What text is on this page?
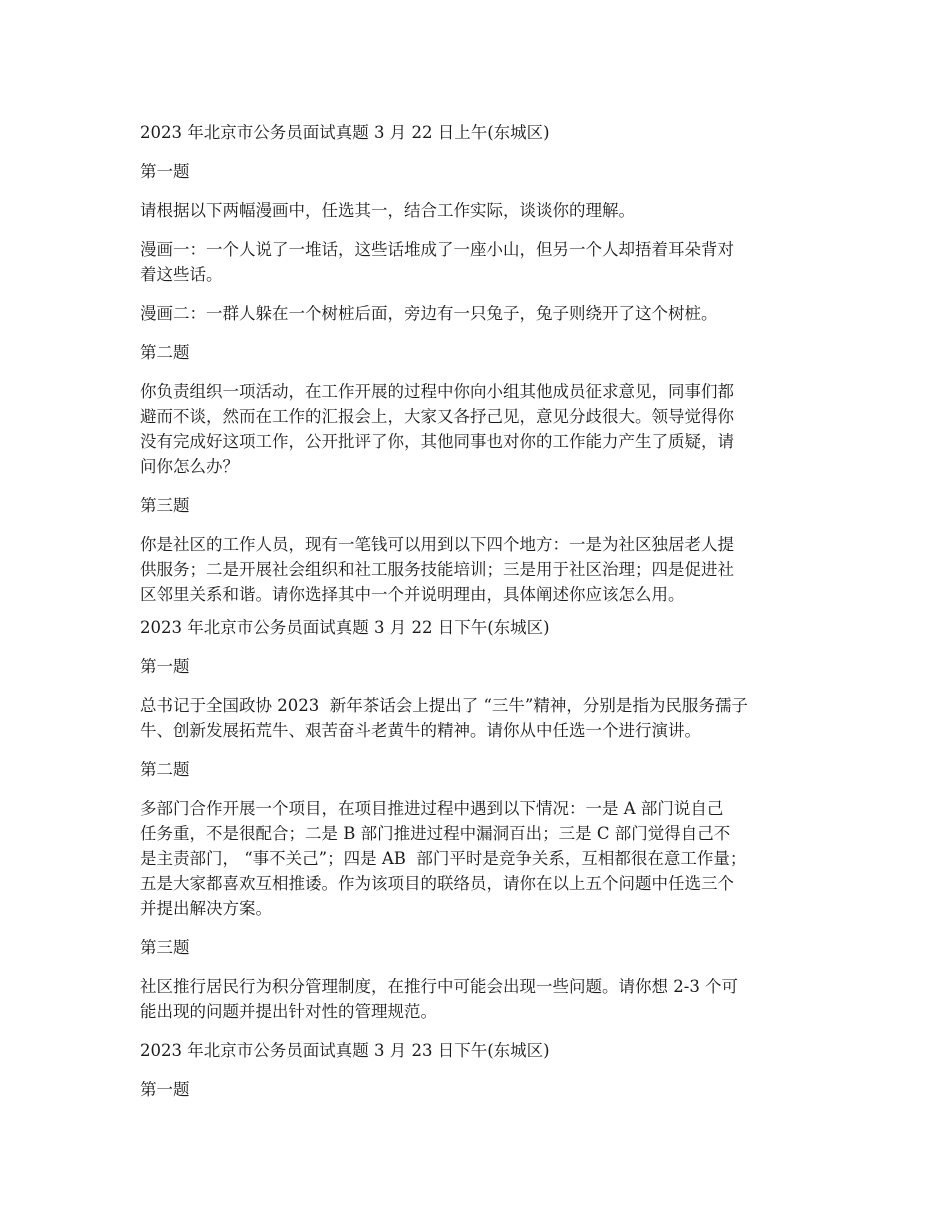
2023 年北京市公务员面试真题 3 月 22 日上午(东城区)

第一题

请根据以下两幅漫画中，任选其一，结合工作实际，谈谈你的理解。

漫画一：一个人说了一堆话，这些话堆成了一座小山，但另一个人却捂着耳朵背对
着这些话。

漫画二：一群人躲在一个树桩后面，旁边有一只兔子，兔子则绕开了这个树桩。

第二题

你负责组织一项活动，在工作开展的过程中你向小组其他成员征求意见，同事们都
避而不谈，然而在工作的汇报会上，大家又各抒己见，意见分歧很大。领导觉得你
没有完成好这项工作，公开批评了你，其他同事也对你的工作能力产生了质疑，请
问你怎么办？

第三题

你是社区的工作人员，现有一笔钱可以用到以下四个地方：一是为社区独居老人提
供服务；二是开展社会组织和社工服务技能培训；三是用于社区治理；四是促进社
区邻里关系和谐。请你选择其中一个并说明理由，具体阐述你应该怎么用。

2023 年北京市公务员面试真题 3 月 22 日下午(东城区)

第一题

总书记于全国政协 2023  新年茶话会上提出了 “三牛”精神，分别是指为民服务孺子
牛、创新发展拓荒牛、艰苦奋斗老黄牛的精神。请你从中任选一个进行演讲。

第二题

多部门合作开展一个项目，在项目推进过程中遇到以下情况：一是 A 部门说自己
任务重，不是很配合；二是 B 部门推进过程中漏洞百出；三是 C 部门觉得自己不
是主责部门， “事不关己”；四是 AB  部门平时是竞争关系，互相都很在意工作量；
五是大家都喜欢互相推诿。作为该项目的联络员，请你在以上五个问题中任选三个
并提出解决方案。

第三题

社区推行居民行为积分管理制度，在推行中可能会出现一些问题。请你想 2-3 个可
能出现的问题并提出针对性的管理规范。

2023 年北京市公务员面试真题 3 月 23 日下午(东城区)

第一题
